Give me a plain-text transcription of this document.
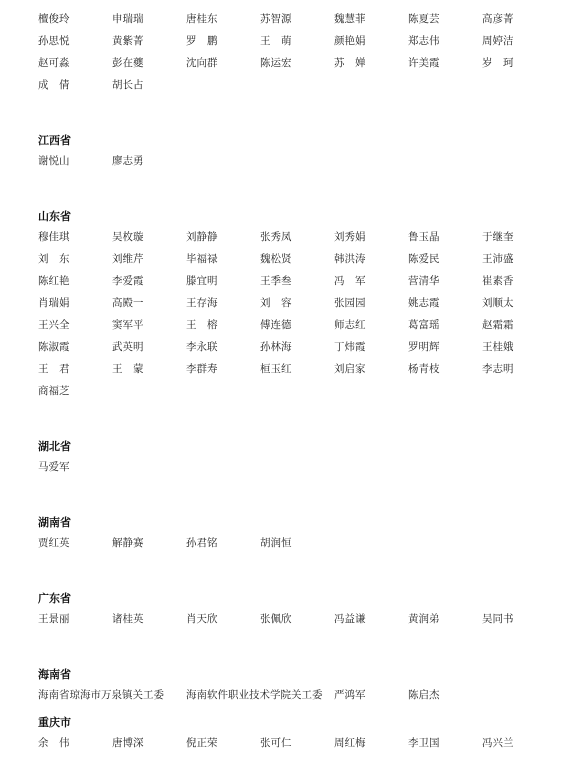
檀俊玲	申瑞瑞	唐桂东	苏智源	魏慧菲	陈夏芸	高彦菁
孙思悦	黄紫菁	罗　鹏	王　萌	颜艳娟	郑志伟	周婷洁
赵可淼	彭在夔	沈向群	陈运宏	苏　婵	许美霞	岁　珂
成　倩	胡长占
江西省
谢悦山	廖志勇
山东省
穆佳琪	吴枚璇	刘静静	张秀凤	刘秀娟	鲁玉晶	于继奎
刘　东	刘维芹	毕福禄	魏松贤	韩洪涛	陈爱民	王沛盛
陈红艳	李爱霞	滕宜明	王季叁	冯　军	营清华	崔素香
肖瑞娟	高殿一	王存海	刘　容	张园园	姚志霞	刘顺太
王兴全	窦军平	王　榕	傅连德	师志红	葛富瑶	赵霜霜
陈淑霞	武英明	李永联	孙林海	丁炜霞	罗明辉	王桂娥
王　君	王　蒙	李群寿	桓玉红	刘启家	杨青枝	李志明
商福芝
湖北省
马爱军
湖南省
贾红英	解静赛	孙君铭	胡润恒
广东省
王景丽	诸桂英	肖天欣	张佩欣	冯益谦	黄润弟	吴同书
海南省
海南省琼海市万泉镇关工委 海南软件职业技术学院关工委 严鸿军	陈启杰
重庆市
余　伟	唐博深	倪正荣	张可仁	周红梅	李卫国	冯兴兰
